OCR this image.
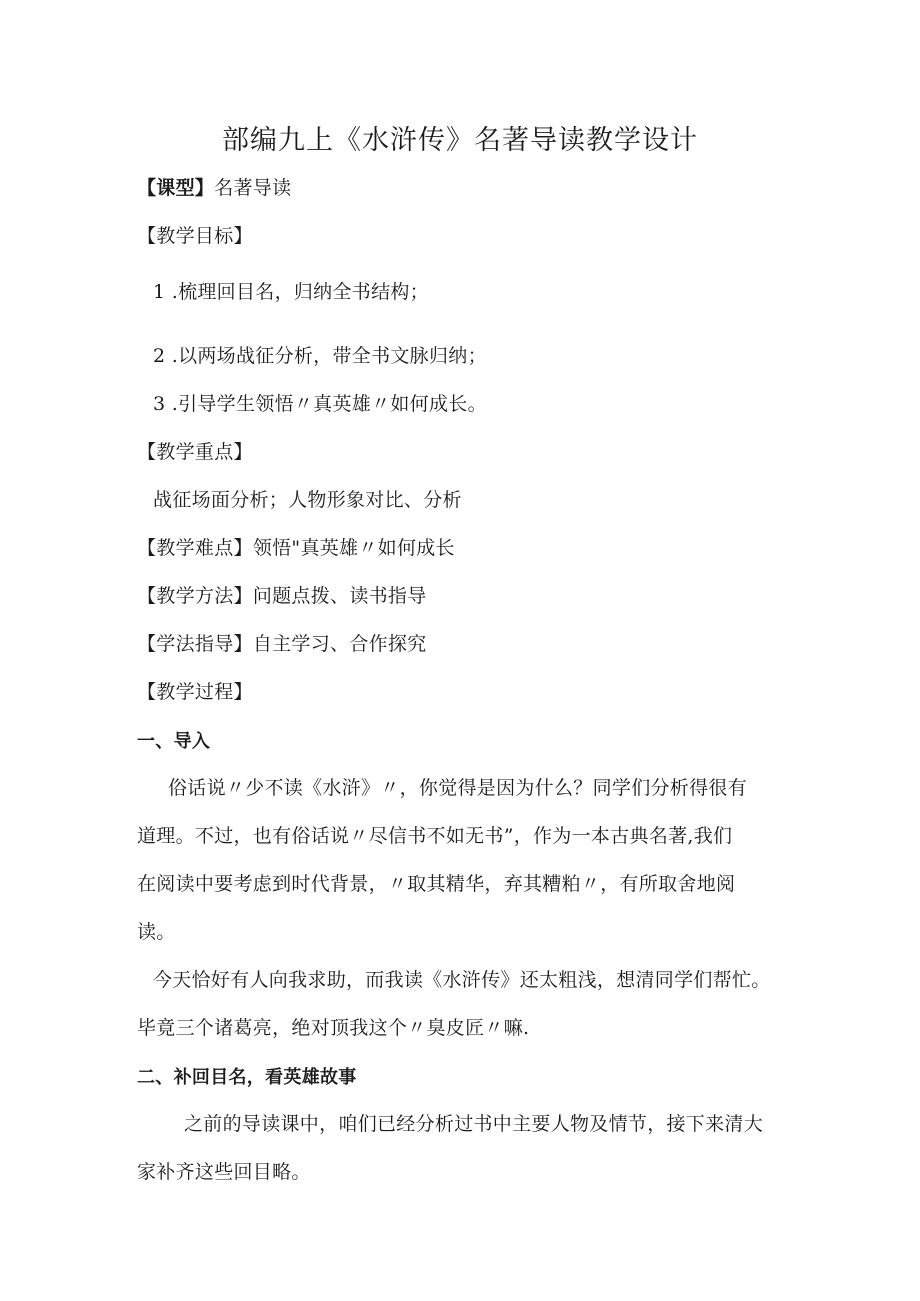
部编九上《水浒传》名著导读教学设计
【课型】名著导读
【教学目标】
1 .梳理回目名，归纳全书结构；
2 .以两场战征分析，带全书文脉归纳；
3 .引导学生领悟〃真英雄〃如何成长。
【教学重点】
战征场面分析；人物形象对比、分析
【教学难点】领悟"真英雄〃如何成长
【教学方法】问题点拨、读书指导
【学法指导】自主学习、合作探究
【教学过程】
一、导入
俗话说〃少不读《水浒》〃，你觉得是因为什么？同学们分析得很有
道理。不过，也有俗话说〃尽信书不如无书”，作为一本古典名著,我们
在阅读中要考虑到时代背景，〃取其精华，弃其糟粕〃，有所取舍地阅
读。
今天恰好有人向我求助，而我读《水浒传》还太粗浅，想清同学们帮忙。
毕竟三个诸葛亮，绝对顶我这个〃臭皮匠〃嘛.
二、补回目名，看英雄故事
之前的导读课中，咱们已经分析过书中主要人物及情节，接下来清大
家补齐这些回目略。
